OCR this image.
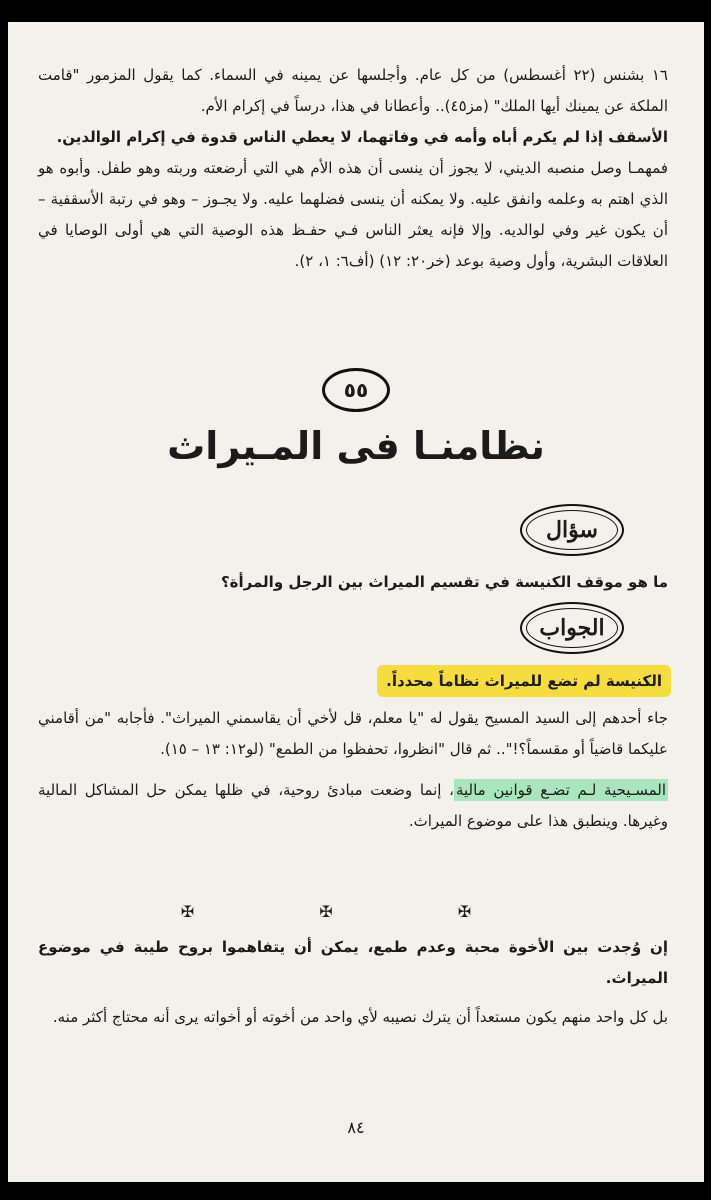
١٦ بشنس (٢٢ أغسطس) من كل عام. وأجلسها عن يمينه في السماء. كما يقول المزمور "قامت الملكة عن يمينك أيها الملك" (مز٤٥).. وأعطانا في هذا، درساً في إكرام الأم.

الأسقف إذا لم يكرم أباه وأمه في وفاتهما، لا يعطي الناس قدوة في إكرام الوالدين.

فمهمـا وصل منصبه الديني، لا يجوز أن ينسى أن هذه الأم هي التي أرضعته وربته وهو طفل. وأبوه هو الذي اهتم به وعلمه وانفق عليه. ولا يمكنه أن ينسى فضلهما عليه. ولا يجـوز – وهو في رتبة الأسقفية – أن يكون غير وفي لوالديه. وإلا فإنه يعثر الناس فـي حفـظ هذه الوصية التي هي أولى الوصايا في العلاقات البشرية، وأول وصية بوعد (خر٢٠: ١٢) (أف٦: ١، ٢).

٥٥
نظامنـا فى المـيراث
سؤال

ما هو موقف الكنيسة في تقسيم الميراث بين الرجل والمرأة؟

الجواب

الكنيسة لم تضع للميراث نظاماً محدداً.

جاء أحدهم إلى السيد المسيح يقول له "يا معلم، قل لأخي أن يقاسمني الميراث". فأجابه "من أقامني عليكما قاضياً أو مقسماً؟!".. ثم قال "انظروا، تحفظوا من الطمع" (لو١٢: ١٣ – ١٥).

المسـيحية لـم تضـع قوانين مالية، إنما وضعت مبادئ روحية، في ظلها يمكن حل المشاكل المالية وغيرها. وينطبق هذا على موضوع الميراث.

✠ ✠ ✠

إن وُجدت بين الأخوة محبة وعدم طمع، يمكن أن يتفاهموا بروح طيبة في موضوع الميراث.

بل كل واحد منهم يكون مستعداً أن يترك نصيبه لأي واحد من أخوته أو أخواته يرى أنه محتاج أكثر منه.

٨٤
